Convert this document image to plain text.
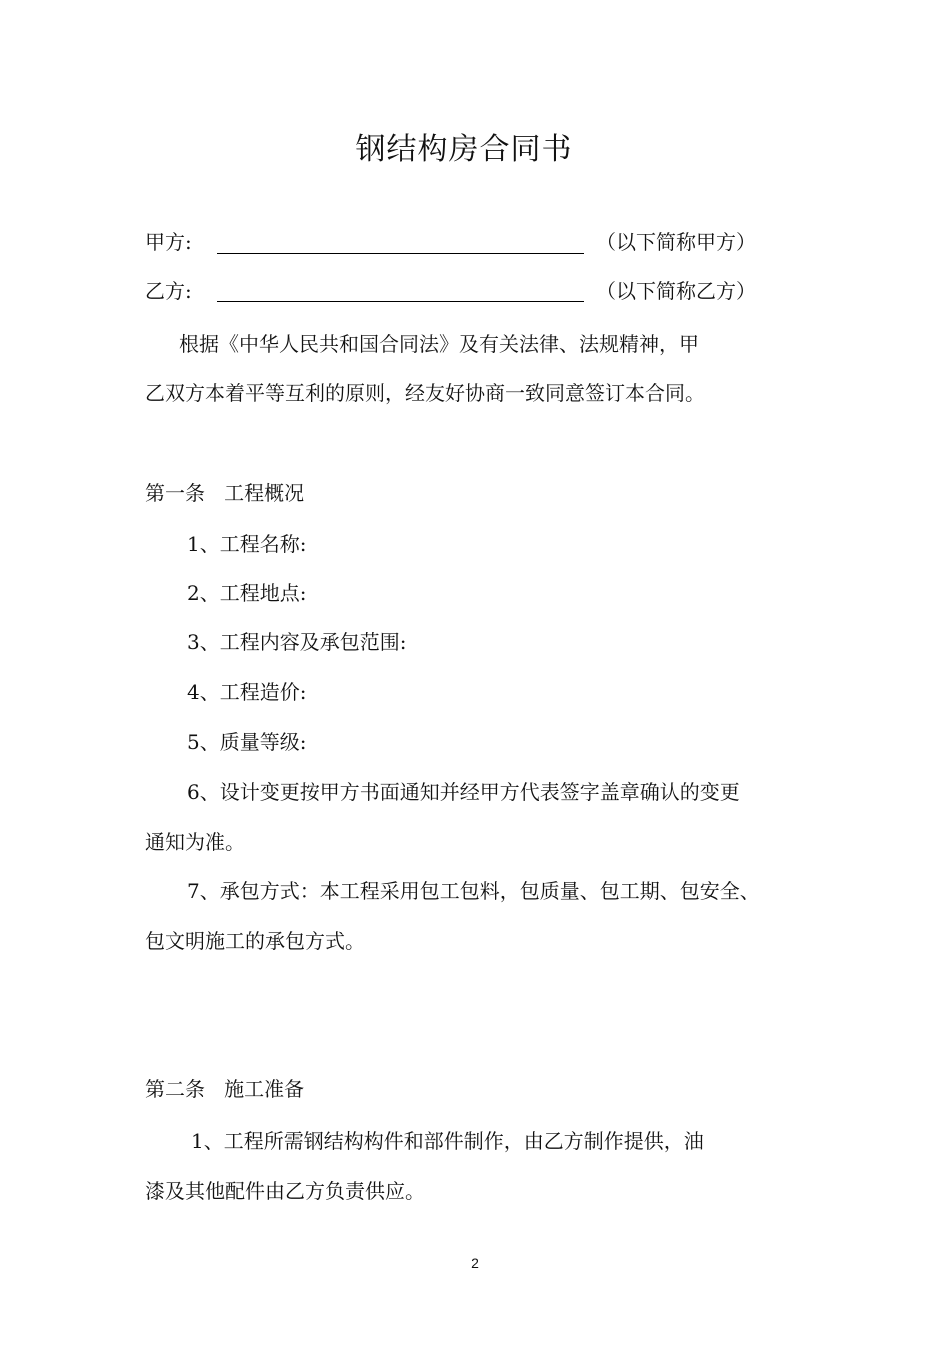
钢结构房合同书
甲方:	（以下简称甲方）
乙方:	（以下简称乙方）
根据《中华人民共和国合同法》及有关法律、法规精神，甲
乙双方本着平等互利的原则，经友好协商一致同意签订本合同。
第一条   工程概况
1、工程名称:
2、工程地点:
3、工程内容及承包范围:
4、工程造价:
5、质量等级:
6、设计变更按甲方书面通知并经甲方代表签字盖章确认的变更
通知为准。
7、承包方式：本工程采用包工包料，包质量、包工期、包安全、
包文明施工的承包方式。
第二条   施工准备
1、工程所需钢结构构件和部件制作，由乙方制作提供，油
漆及其他配件由乙方负责供应。
2
